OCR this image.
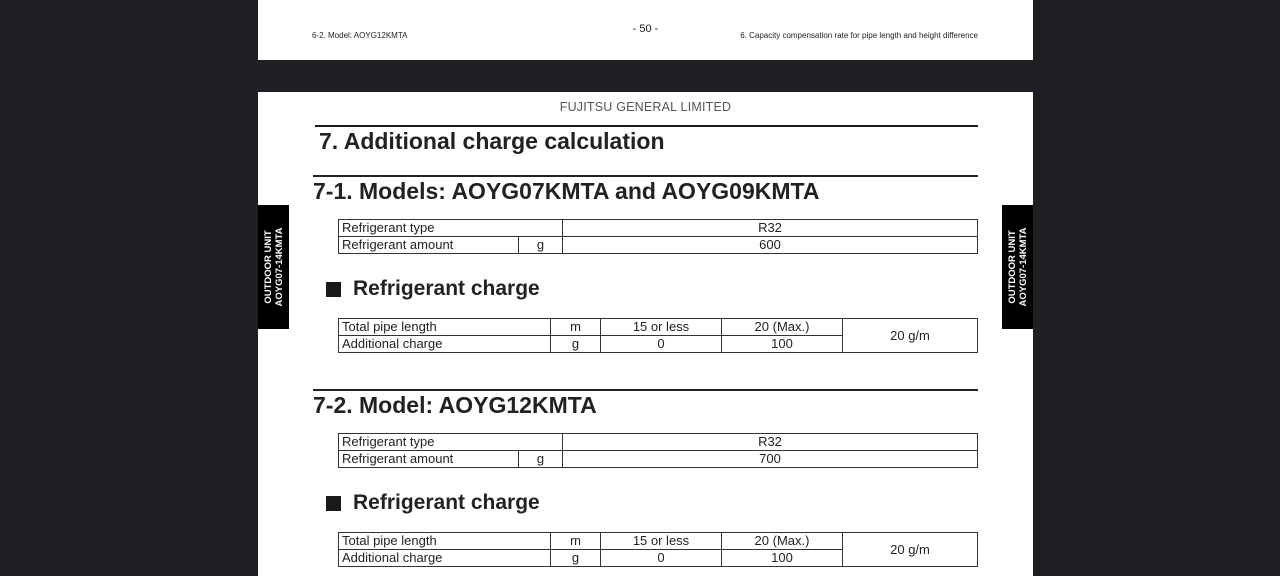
6-2. Model: AOYG12KMTA
- 50 -
6. Capacity compensation rate for pipe length and height difference
FUJITSU GENERAL LIMITED
7. Additional charge calculation
7-1. Models: AOYG07KMTA and AOYG09KMTA
Refrigerant type		R32
Refrigerant amount	g	600
Refrigerant charge
Total pipe length	m	15 or less	20 (Max.)	20 g/m
Additional charge	g	0	100	
7-2. Model: AOYG12KMTA
Refrigerant type		R32
Refrigerant amount	g	700
Refrigerant charge
Total pipe length	m	15 or less	20 (Max.)	20 g/m
Additional charge	g	0	100	
OUTDOOR UNIT AOYG07-14KMTA	OUTDOOR UNIT AOYG07-14KMTA
